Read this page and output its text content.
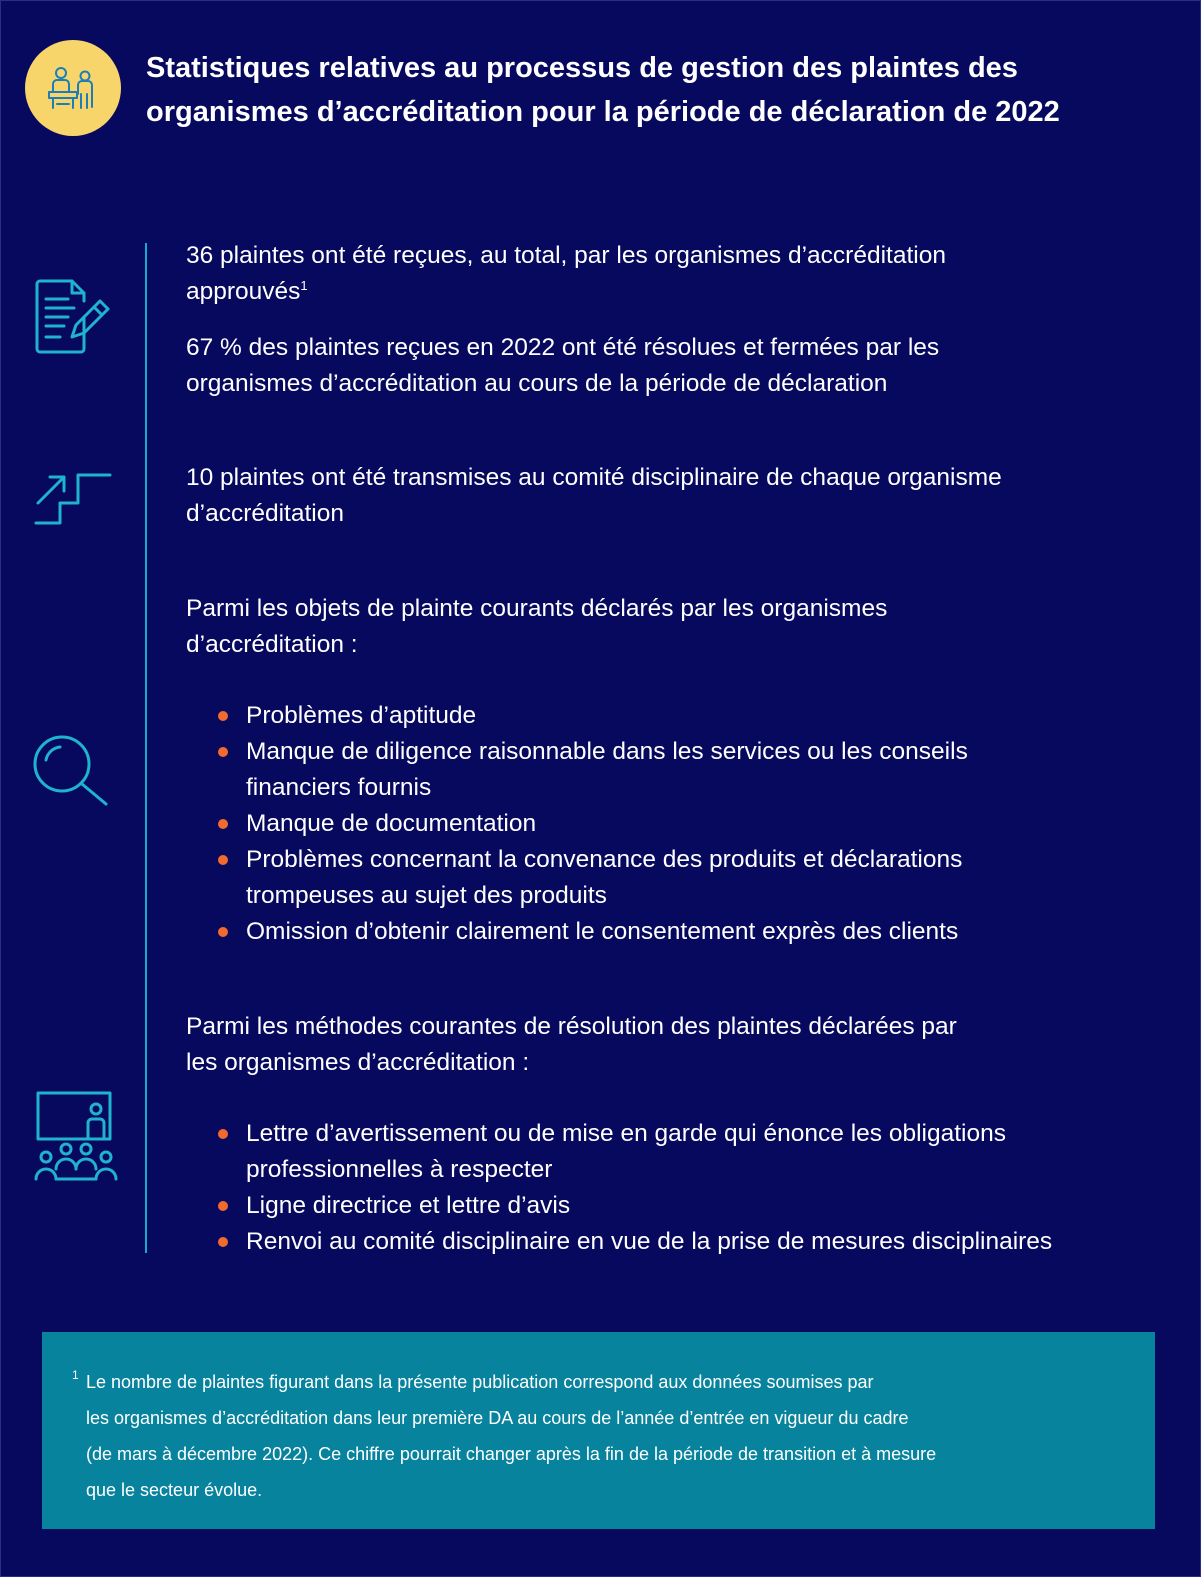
Statistiques relatives au processus de gestion des plaintes des organismes d’accréditation pour la période de déclaration de 2022

36 plaintes ont été reçues, au total, par les organismes d’accréditation
approuvés$^1$

67 % des plaintes reçues en 2022 ont été résolues et fermées par les
organismes d’accréditation au cours de la période de déclaration

10 plaintes ont été transmises au comité disciplinaire de chaque organisme
d’accréditation

Parmi les objets de plainte courants déclarés par les organismes
d’accréditation :

Problèmes d’aptitude
Manque de diligence raisonnable dans les services ou les conseils
financiers fournis
Manque de documentation
Problèmes concernant la convenance des produits et déclarations
trompeuses au sujet des produits
Omission d’obtenir clairement le consentement exprès des clients

Parmi les méthodes courantes de résolution des plaintes déclarées par
les organismes d’accréditation :

Lettre d’avertissement ou de mise en garde qui énonce les obligations
professionnelles à respecter
Ligne directrice et lettre d’avis
Renvoi au comité disciplinaire en vue de la prise de mesures disciplinaires
1 Le nombre de plaintes figurant dans la présente publication correspond aux données soumises par
les organismes d’accréditation dans leur première DA au cours de l’année d’entrée en vigueur du cadre
(de mars à décembre 2022). Ce chiffre pourrait changer après la fin de la période de transition et à mesure
que le secteur évolue.
